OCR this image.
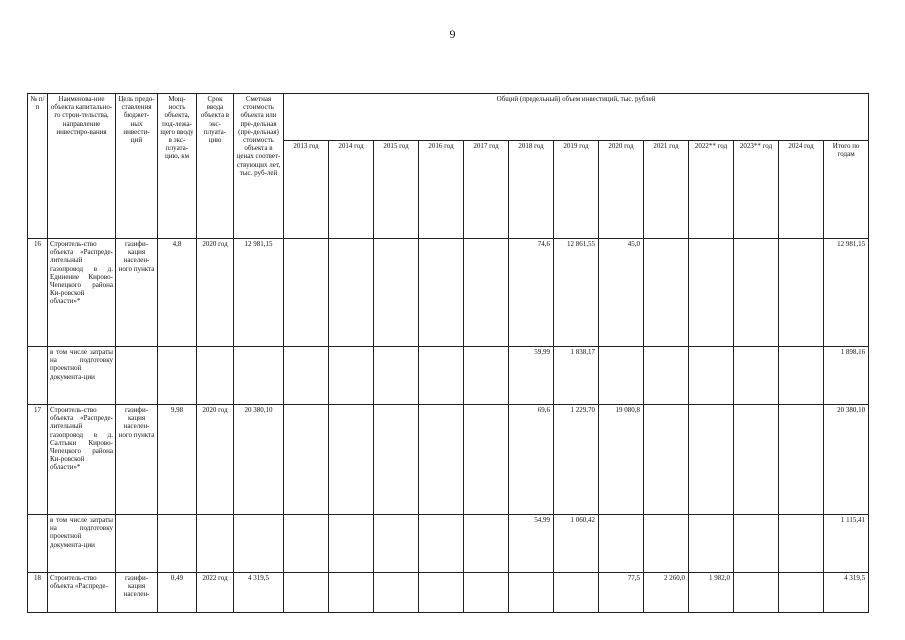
9
№ п/п	Наименова-ние объекта капитально-го строи-тельства, направление инвестиро-вания	Цель предо-ставления бюджет-ных инвести-ций	Мощ-ность объекта, под-лежа-щего вводу в экс-плуата-цию, км	Срок ввода объекта в экс-плуата-цию	Сметная стоимость объекта или пре-дельная (пре-дельная) стоимость объекта в ценах соответ-ствующих лет, тыс. руб-лей	Общий (предельный) объем инвестиций, тыс. рублей												
						2013 год	2014 год	2015 год	2016 год	2017 год	2018 год	2019 год	2020 год	2021 год	2022** год	2023** год	2024 год	Итого по годам
16	Строитель-ство объекта «Распреде-лительный газопровод в д. Единение Кирово-Чепецкого района Ки-ровской области»*	газифи-кация населен-ного пункта	4,8	2020 год	12 981,15						74,6	12 861,55	45,0					12 981,15
	в том числе затраты на подготовку проектной документа-ции										59,99	1 838,17						1 898,16
17	Строитель-ство объекта «Распреде-лительный газопровод в д. Салтыки Кирово-Чепецкого района Ки-ровской области»*	газифи-кация населен-ного пункта	9,98	2020 год	20 380,10						69,6	1 229,70	19 080,8					20 380,10
	в том числе затраты на подготовку проектной документа-ции										54,99	1 060,42						1 115,41
18	Строитель-ство объекта «Распреде-	газифи-кация населен-	0,49	2022 год	4 319,5								77,5	2 260,0	1 982,0			4 319,5
